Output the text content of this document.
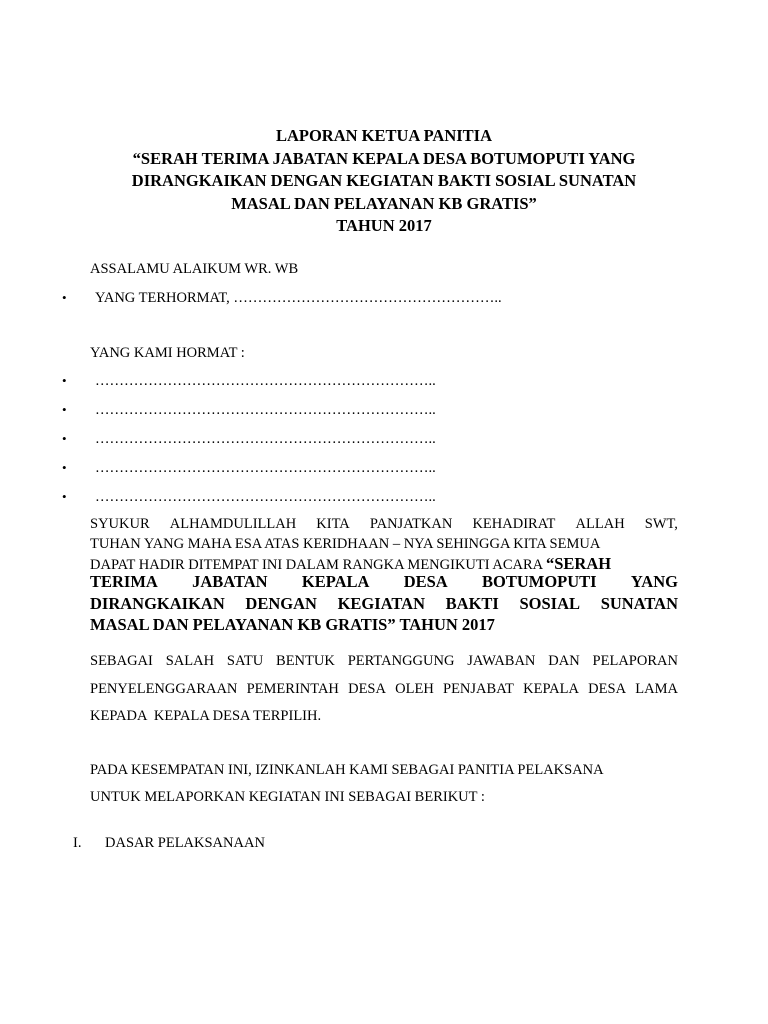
LAPORAN KETUA PANITIA
“SERAH TERIMA JABATAN KEPALA DESA BOTUMOPUTI YANG
DIRANGKAIKAN DENGAN KEGIATAN BAKTI SOSIAL SUNATAN
MASAL DAN PELAYANAN KB GRATIS”
TAHUN 2017
ASSALAMU ALAIKUM WR. WB
• YANG TERHORMAT, ………………………………………………..
YANG KAMI HORMAT :
• ……………………………………………………………..
• ……………………………………………………………..
• ……………………………………………………………..
• ……………………………………………………………..
• ……………………………………………………………..
SYUKUR ALHAMDULILLAH KITA PANJATKAN KEHADIRAT ALLAH SWT,
TUHAN YANG MAHA ESA ATAS KERIDHAAN – NYA SEHINGGA KITA SEMUA
DAPAT HADIR DITEMPAT INI DALAM RANGKA MENGIKUTI ACARA “SERAH
TERIMA JABATAN KEPALA DESA BOTUMOPUTI YANG
DIRANGKAIKAN DENGAN KEGIATAN BAKTI SOSIAL SUNATAN
MASAL DAN PELAYANAN KB GRATIS” TAHUN 2017
SEBAGAI SALAH SATU BENTUK PERTANGGUNG JAWABAN DAN PELAPORAN
PENYELENGGARAAN PEMERINTAH DESA OLEH PENJABAT KEPALA DESA LAMA
KEPADA  KEPALA DESA TERPILIH.
PADA KESEMPATAN INI, IZINKANLAH KAMI SEBAGAI PANITIA PELAKSANA
UNTUK MELAPORKAN KEGIATAN INI SEBAGAI BERIKUT :
I. DASAR PELAKSANAAN
